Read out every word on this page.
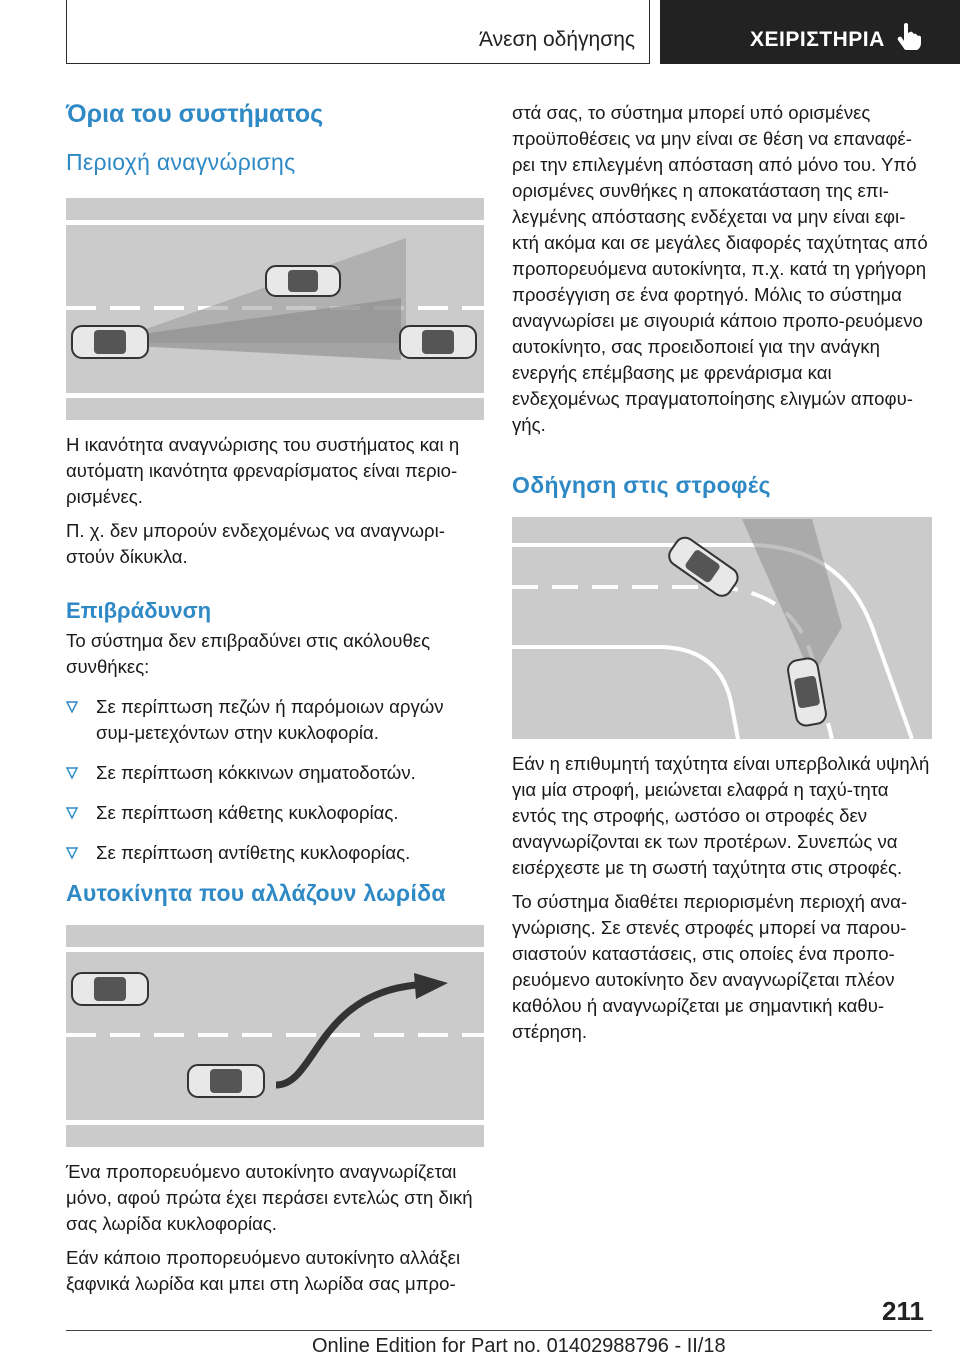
Άνεση οδήγησης	ΧΕΙΡΙΣΤΗΡΙΑ
Όρια του συστήματος
Περιοχή αναγνώρισης

Η ικανότητα αναγνώρισης του συστήματος και η αυτόματη ικανότητα φρεναρίσματος είναι περιο-ρισμένες.

Π. χ. δεν μπορούν ενδεχομένως να αναγνωρι-στούν δίκυκλα.

Επιβράδυνση

Το σύστημα δεν επιβραδύνει στις ακόλουθες συνθήκες:

Σε περίπτωση πεζών ή παρόμοιων αργών συμ-μετεχόντων στην κυκλοφορία.
Σε περίπτωση κόκκινων σηματοδοτών.
Σε περίπτωση κάθετης κυκλοφορίας.
Σε περίπτωση αντίθετης κυκλοφορίας.
Αυτοκίνητα που αλλάζουν λωρίδα

Ένα προπορευόμενο αυτοκίνητο αναγνωρίζεται μόνο, αφού πρώτα έχει περάσει εντελώς στη δική σας λωρίδα κυκλοφορίας.

Εάν κάποιο προπορευόμενο αυτοκίνητο αλλάξει ξαφνικά λωρίδα και μπει στη λωρίδα σας μπρο-

στά σας, το σύστημα μπορεί υπό ορισμένες προϋποθέσεις να μην είναι σε θέση να επαναφέ-ρει την επιλεγμένη απόσταση από μόνο του. Υπό ορισμένες συνθήκες η αποκατάσταση της επι-λεγμένης απόστασης ενδέχεται να μην είναι εφι-κτή ακόμα και σε μεγάλες διαφορές ταχύτητας από προπορευόμενα αυτοκίνητα, π.χ. κατά τη γρήγορη προσέγγιση σε ένα φορτηγό. Μόλις το σύστημα αναγνωρίσει με σιγουριά κάποιο προπο-ρευόμενο αυτοκίνητο, σας προειδοποιεί για την ανάγκη ενεργής επέμβασης με φρενάρισμα και ενδεχομένως πραγματοποίησης ελιγμών αποφυ-γής.

Οδήγηση στις στροφές

Εάν η επιθυμητή ταχύτητα είναι υπερβολικά υψηλή για μία στροφή, μειώνεται ελαφρά η ταχύ-τητα εντός της στροφής, ωστόσο οι στροφές δεν αναγνωρίζονται εκ των προτέρων. Συνεπώς να εισέρχεστε με τη σωστή ταχύτητα στις στροφές.

Το σύστημα διαθέτει περιορισμένη περιοχή ανα-γνώρισης. Σε στενές στροφές μπορεί να παρου-σιαστούν καταστάσεις, στις οποίες ένα προπο-ρευόμενο αυτοκίνητο δεν αναγνωρίζεται πλέον καθόλου ή αναγνωρίζεται με σημαντική καθυ-στέρηση.

211
Online Edition for Part no. 01402988796 - II/18
